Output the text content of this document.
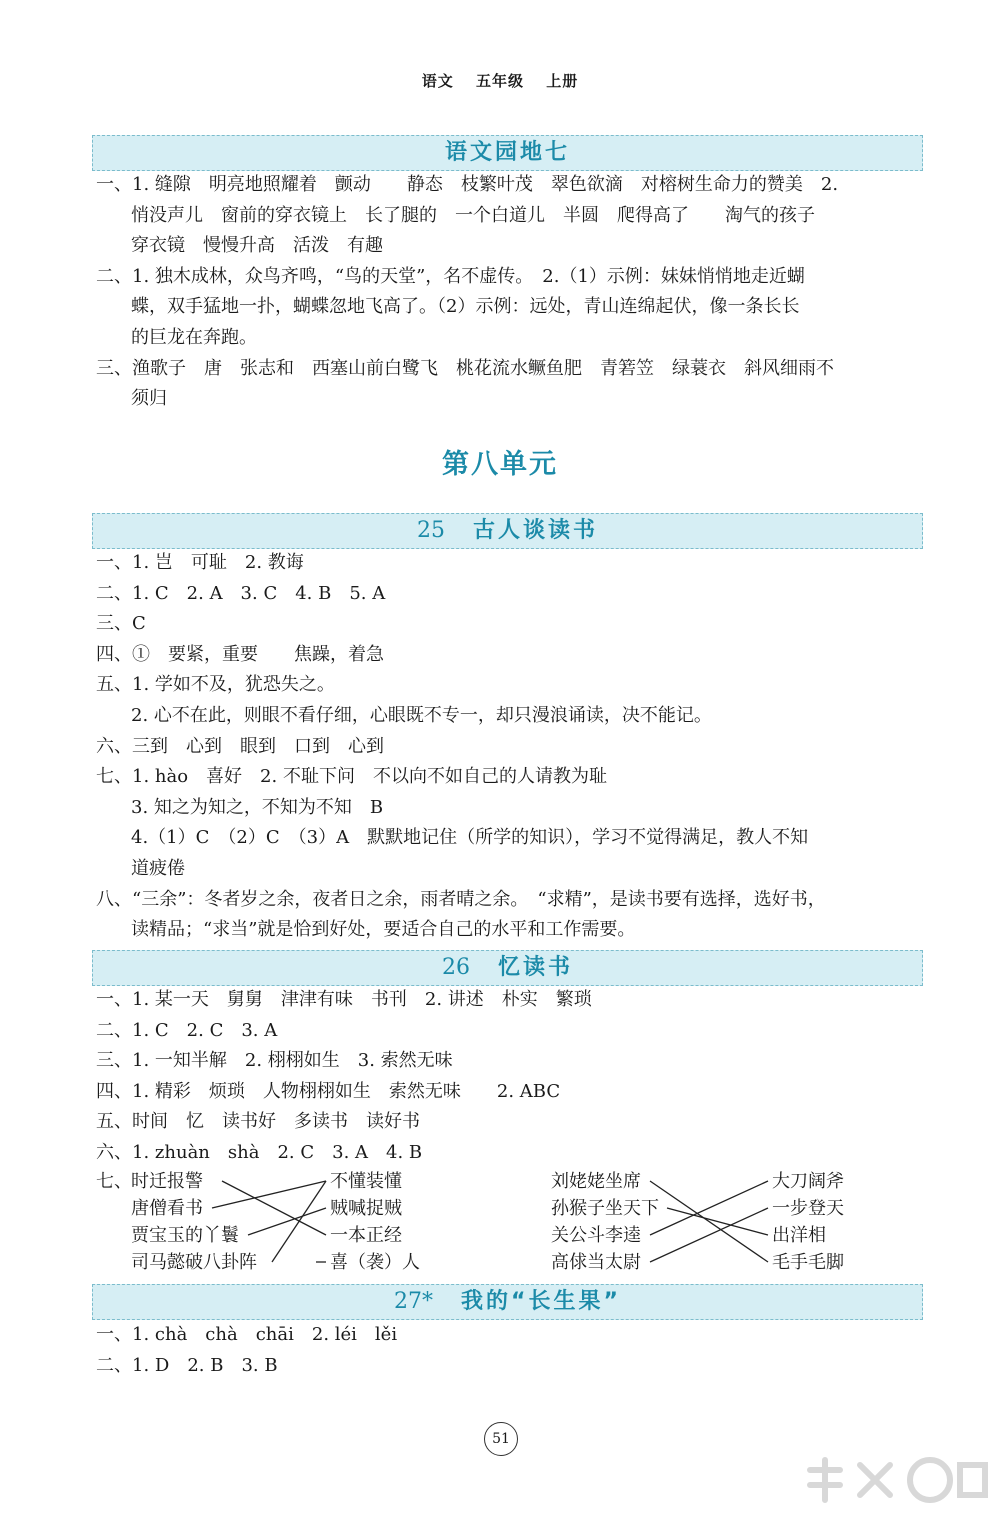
语文 五年级 上册
语文园地七
一、1. 缝隙　明亮地照耀着　颤动　　静态　枝繁叶茂　翠色欲滴　对榕树生命力的赞美　2.
悄没声儿　窗前的穿衣镜上　长了腿的　一个白道儿　半圆　爬得高了　　淘气的孩子
穿衣镜　慢慢升高　活泼　有趣
二、1. 独木成林，众鸟齐鸣，“鸟的天堂”，名不虚传。　2.（1）示例：妹妹悄悄地走近蝴
蝶，双手猛地一扑，蝴蝶忽地飞高了。（2）示例：远处，青山连绵起伏，像一条长长
的巨龙在奔跑。
三、渔歌子　唐　张志和　西塞山前白鹭飞　桃花流水鳜鱼肥　青箬笠　绿蓑衣　斜风细雨不
须归
第八单元
25 古人谈读书
一、1. 岂　可耻　2. 教诲
二、1. C　2. A　3. C　4. B　5. A
三、C
四、①　要紧，重要　　焦躁，着急
五、1. 学如不及，犹恐失之。
2. 心不在此，则眼不看仔细，心眼既不专一，却只漫浪诵读，决不能记。
六、三到　心到　眼到　口到　心到
七、1. hào　喜好　2. 不耻下问　不以向不如自己的人请教为耻
3. 知之为知之，不知为不知　B
4.（1）C　（2）C　（3）A　默默地记住（所学的知识），学习不觉得满足，教人不知
道疲倦
八、“三余”：冬者岁之余，夜者日之余，雨者晴之余。　“求精”，是读书要有选择，选好书，
读精品；“求当”就是恰到好处，要适合自己的水平和工作需要。
26 忆读书
一、1. 某一天　舅舅　津津有味　书刊　2. 讲述　朴实　繁琐
二、1. C　2. C　3. A
三、1. 一知半解　2. 栩栩如生　3. 索然无味
四、1. 精彩　烦琐　人物栩栩如生　索然无味　　2. ABC
五、时间　忆　读书好　多读书　读好书
六、1. zhuàn　shà　2. C　3. A　4. B
七、 时迁报警
唐僧看书
贾宝玉的丫鬟
司马懿破八卦阵
不懂装懂
贼喊捉贼
一本正经
喜（袭）人
刘姥姥坐席
孙猴子坐天下
关公斗李逵
高俅当太尉
大刀阔斧
一步登天
出洋相
毛手毛脚
27* 我的“长生果”
一、1. chà　chà　chāi　2. léi　lěi
二、1. D　2. B　3. B
51
